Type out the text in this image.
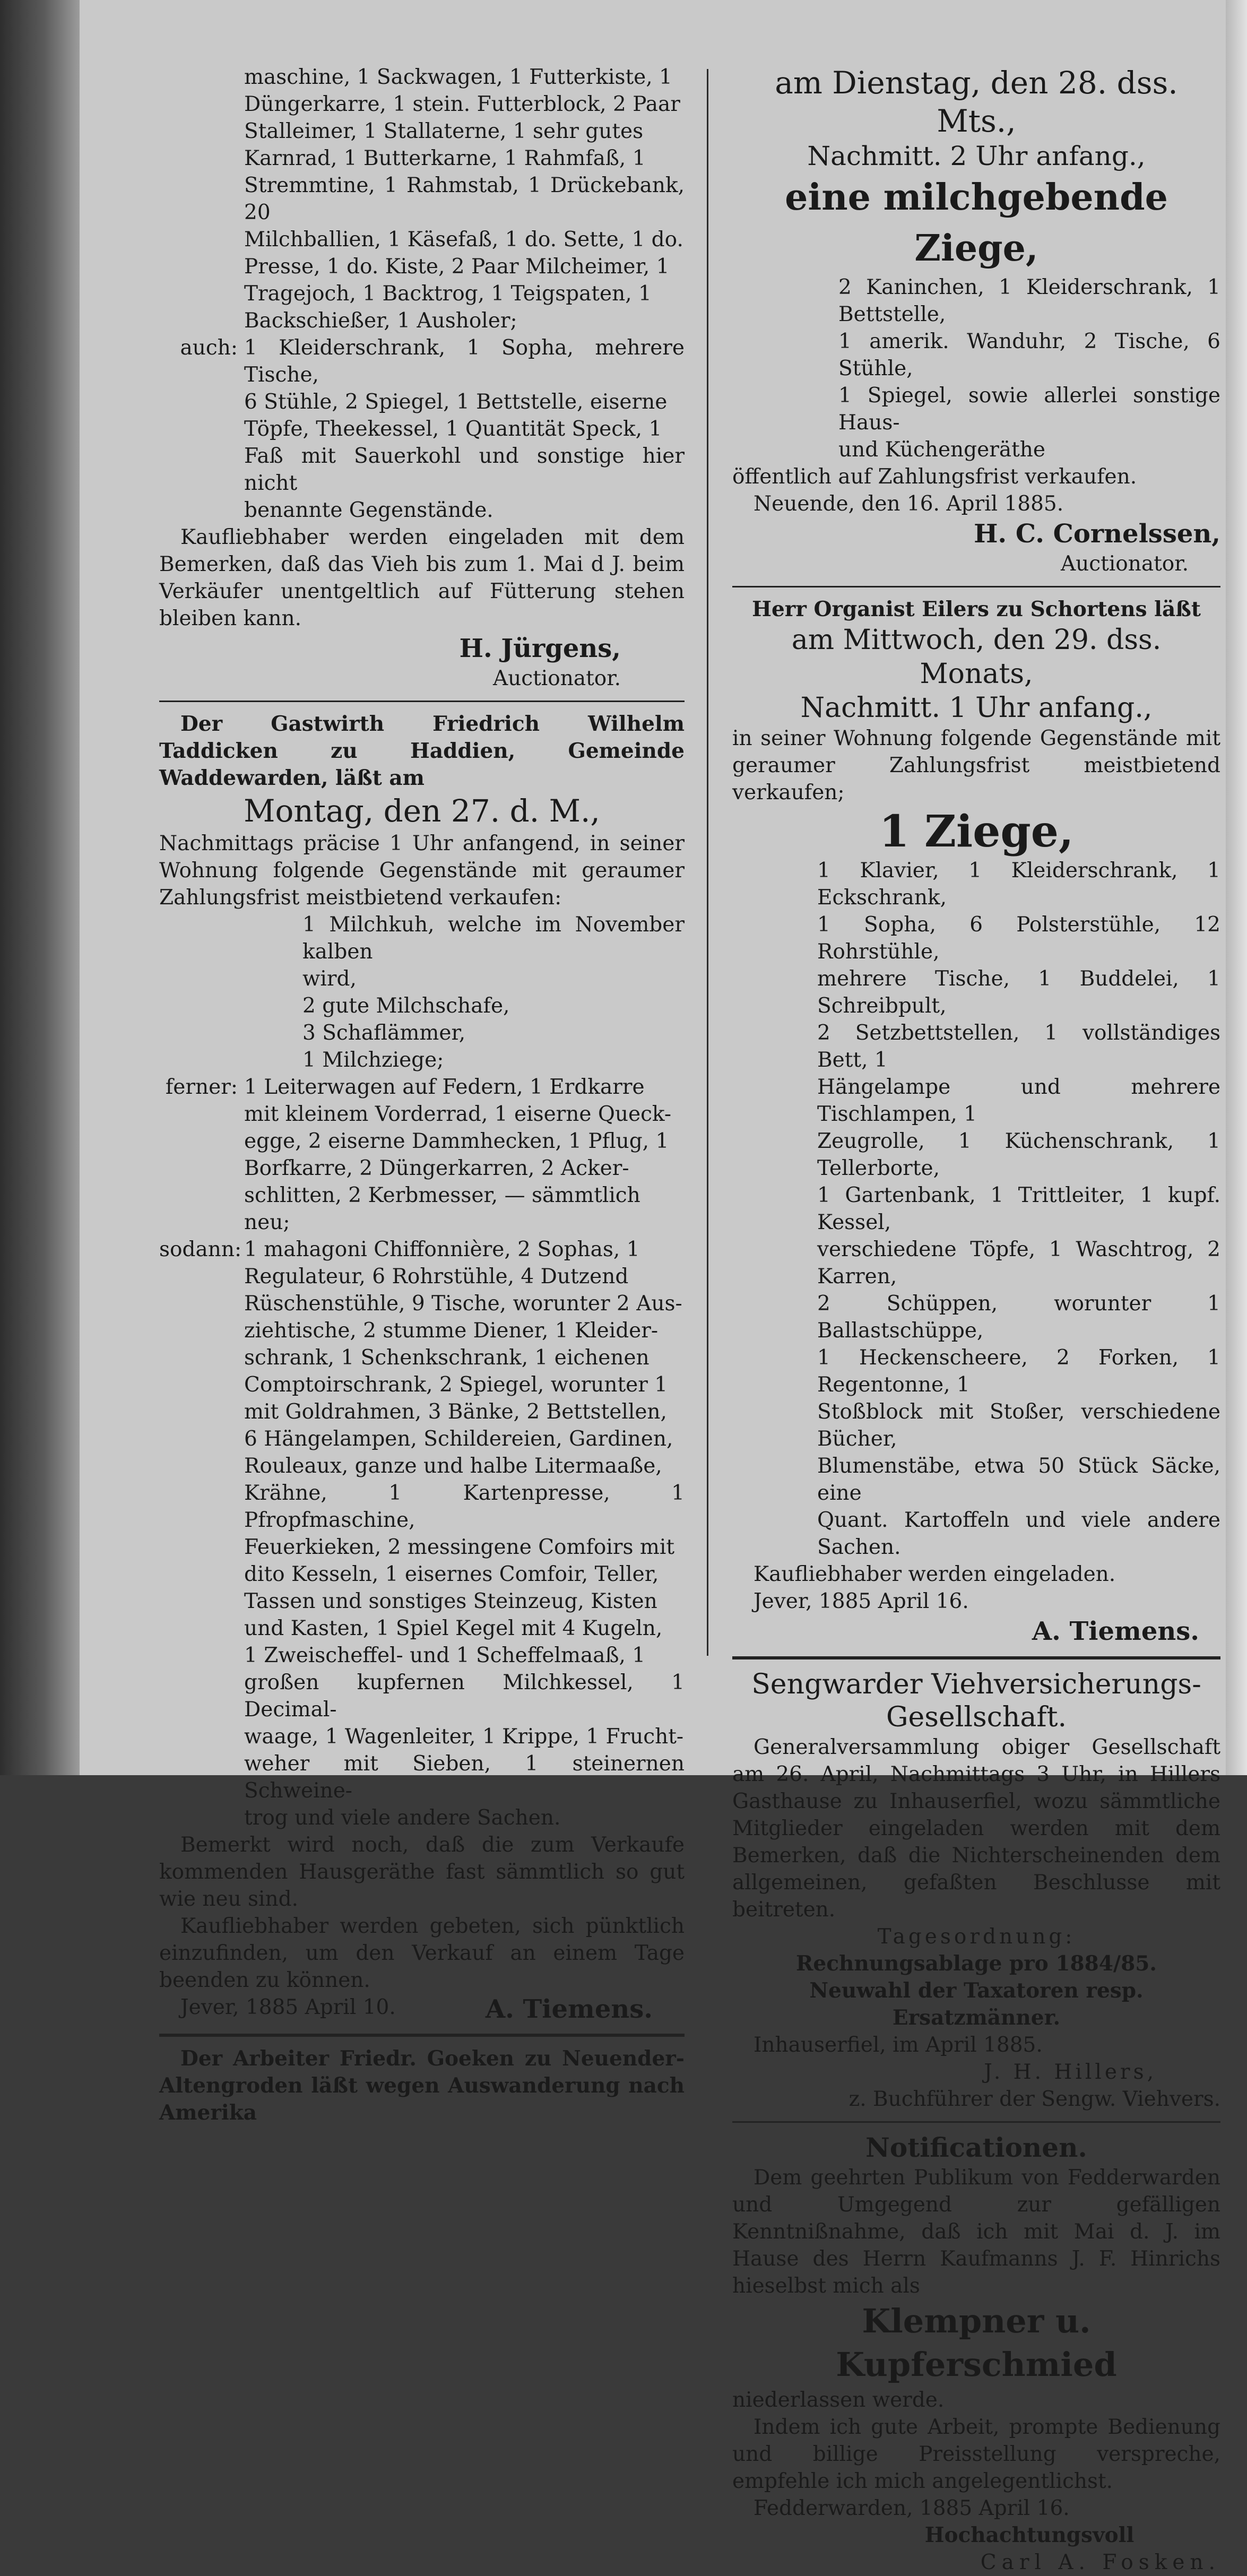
maschine, 1 Sackwagen, 1 Futterkiste, 1

Düngerkarre, 1 stein. Futterblock, 2 Paar

Stalleimer, 1 Stallaterne, 1 sehr gutes

Karnrad, 1 Butterkarne, 1 Rahmfaß, 1

Stremmtine, 1 Rahmstab, 1 Drückebank, 20

Milchballien, 1 Käsefaß, 1 do. Sette, 1 do.

Presse, 1 do. Kiste, 2 Paar Milcheimer, 1

Tragejoch, 1 Backtrog, 1 Teigspaten, 1

Backschießer, 1 Ausholer;

auch: 1 Kleiderschrank, 1 Sopha, mehrere Tische,

6 Stühle, 2 Spiegel, 1 Bettstelle, eiserne

Töpfe, Theekessel, 1 Quantität Speck, 1

Faß mit Sauerkohl und sonstige hier nicht

benannte Gegenstände.

Kaufliebhaber werden eingeladen mit dem Bemerken, daß das Vieh bis zum 1. Mai d J. beim Verkäufer unentgeltlich auf Fütterung stehen bleiben kann.

H. Jürgens,

Auctionator.

Der Gastwirth Friedrich Wilhelm Taddicken zu Haddien, Gemeinde Waddewarden, läßt am

Montag, den 27. d. M.,

Nachmittags präcise 1 Uhr anfangend, in seiner Wohnung folgende Gegenstände mit geraumer Zahlungsfrist meistbietend verkaufen:

1 Milchkuh, welche im November kalben

wird,

2 gute Milchschafe,

3 Schaflämmer,

1 Milchziege;

ferner: 1 Leiterwagen auf Federn, 1 Erdkarre

mit kleinem Vorderrad, 1 eiserne Queck-

egge, 2 eiserne Dammhecken, 1 Pflug, 1

Borfkarre, 2 Düngerkarren, 2 Acker-

schlitten, 2 Kerbmesser, — sämmtlich

neu;

sodann: 1 mahagoni Chiffonnière, 2 Sophas, 1

Regulateur, 6 Rohrstühle, 4 Dutzend

Rüschenstühle, 9 Tische, worunter 2 Aus-

ziehtische, 2 stumme Diener, 1 Kleider-

schrank, 1 Schenkschrank, 1 eichenen

Comptoirschrank, 2 Spiegel, worunter 1

mit Goldrahmen, 3 Bänke, 2 Bettstellen,

6 Hängelampen, Schildereien, Gardinen,

Rouleaux, ganze und halbe Litermaaße,

Krähne, 1 Kartenpresse, 1 Pfropfmaschine,

Feuerkieken, 2 messingene Comfoirs mit

dito Kesseln, 1 eisernes Comfoir, Teller,

Tassen und sonstiges Steinzeug, Kisten

und Kasten, 1 Spiel Kegel mit 4 Kugeln,

1 Zweischeffel- und 1 Scheffelmaaß, 1

großen kupfernen Milchkessel, 1 Decimal-

waage, 1 Wagenleiter, 1 Krippe, 1 Frucht-

weher mit Sieben, 1 steinernen Schweine-

trog und viele andere Sachen.

Bemerkt wird noch, daß die zum Verkaufe kommenden Hausgeräthe fast sämmtlich so gut wie neu sind.

Kaufliebhaber werden gebeten, sich pünktlich einzufinden, um den Verkauf an einem Tage beenden zu können.

Jever, 1885 April 10.	A. Tiemens.

Der Arbeiter Friedr. Goeken zu Neuender-Altengroden läßt wegen Auswanderung nach Amerika

am Dienstag, den 28. dss. Mts.,

Nachmitt. 2 Uhr anfang.,

eine milchgebende Ziege,

2 Kaninchen, 1 Kleiderschrank, 1 Bettstelle,

1 amerik. Wanduhr, 2 Tische, 6 Stühle,

1 Spiegel, sowie allerlei sonstige Haus-

und Küchengeräthe

öffentlich auf Zahlungsfrist verkaufen.

Neuende, den 16. April 1885.

H. C. Cornelssen,

Auctionator.

Herr Organist Eilers zu Schortens läßt

am Mittwoch, den 29. dss. Monats,

Nachmitt. 1 Uhr anfang.,

in seiner Wohnung folgende Gegenstände mit geraumer Zahlungsfrist meistbietend verkaufen;

1 Ziege,

1 Klavier, 1 Kleiderschrank, 1 Eckschrank,

1 Sopha, 6 Polsterstühle, 12 Rohrstühle,

mehrere Tische, 1 Buddelei, 1 Schreibpult,

2 Setzbettstellen, 1 vollständiges Bett, 1

Hängelampe und mehrere Tischlampen, 1

Zeugrolle, 1 Küchenschrank, 1 Tellerborte,

1 Gartenbank, 1 Trittleiter, 1 kupf. Kessel,

verschiedene Töpfe, 1 Waschtrog, 2 Karren,

2 Schüppen, worunter 1 Ballastschüppe,

1 Heckenscheere, 2 Forken, 1 Regentonne, 1

Stoßblock mit Stoßer, verschiedene Bücher,

Blumenstäbe, etwa 50 Stück Säcke, eine

Quant. Kartoffeln und viele andere Sachen.

Kaufliebhaber werden eingeladen.

Jever, 1885 April 16.

A. Tiemens.

Sengwarder Viehversicherungs-

Gesellschaft.

Generalversammlung obiger Gesellschaft am 26. April, Nachmittags 3 Uhr, in Hillers Gasthause zu Inhauserfiel, wozu sämmtliche Mitglieder eingeladen werden mit dem Bemerken, daß die Nichterscheinenden dem allgemeinen, gefaßten Beschlusse mit beitreten.

Tagesordnung:

Rechnungsablage pro 1884/85.

Neuwahl der Taxatoren resp. Ersatzmänner.

Inhauserfiel, im April 1885.

J. H. Hillers,

z. Buchführer der Sengw. Viehvers.

Notificationen.

Dem geehrten Publikum von Fedderwarden und Umgegend zur gefälligen Kenntnißnahme, daß ich mit Mai d. J. im Hause des Herrn Kaufmanns J. F. Hinrichs hieselbst mich als

Klempner u. Kupferschmied

niederlassen werde.

Indem ich gute Arbeit, prompte Bedienung und billige Preisstellung verspreche, empfehle ich mich angelegentlichst.

Fedderwarden, 1885 April 16.

Hochachtungsvoll

Carl A. Fosken.
